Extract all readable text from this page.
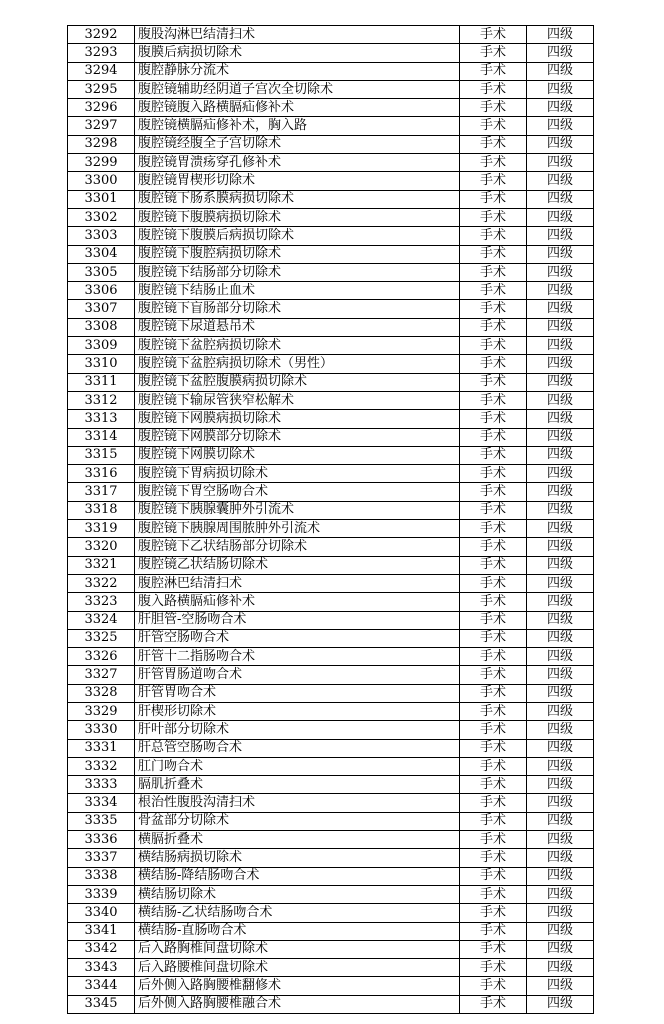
3292	腹股沟淋巴结清扫术	手术	四级
3293	腹膜后病损切除术	手术	四级
3294	腹腔静脉分流术	手术	四级
3295	腹腔镜辅助经阴道子宫次全切除术	手术	四级
3296	腹腔镜腹入路横膈疝修补术	手术	四级
3297	腹腔镜横膈疝修补术，胸入路	手术	四级
3298	腹腔镜经腹全子宫切除术	手术	四级
3299	腹腔镜胃溃疡穿孔修补术	手术	四级
3300	腹腔镜胃楔形切除术	手术	四级
3301	腹腔镜下肠系膜病损切除术	手术	四级
3302	腹腔镜下腹膜病损切除术	手术	四级
3303	腹腔镜下腹膜后病损切除术	手术	四级
3304	腹腔镜下腹腔病损切除术	手术	四级
3305	腹腔镜下结肠部分切除术	手术	四级
3306	腹腔镜下结肠止血术	手术	四级
3307	腹腔镜下盲肠部分切除术	手术	四级
3308	腹腔镜下尿道悬吊术	手术	四级
3309	腹腔镜下盆腔病损切除术	手术	四级
3310	腹腔镜下盆腔病损切除术（男性）	手术	四级
3311	腹腔镜下盆腔腹膜病损切除术	手术	四级
3312	腹腔镜下输尿管狭窄松解术	手术	四级
3313	腹腔镜下网膜病损切除术	手术	四级
3314	腹腔镜下网膜部分切除术	手术	四级
3315	腹腔镜下网膜切除术	手术	四级
3316	腹腔镜下胃病损切除术	手术	四级
3317	腹腔镜下胃空肠吻合术	手术	四级
3318	腹腔镜下胰腺囊肿外引流术	手术	四级
3319	腹腔镜下胰腺周围脓肿外引流术	手术	四级
3320	腹腔镜下乙状结肠部分切除术	手术	四级
3321	腹腔镜乙状结肠切除术	手术	四级
3322	腹腔淋巴结清扫术	手术	四级
3323	腹入路横膈疝修补术	手术	四级
3324	肝胆管-空肠吻合术	手术	四级
3325	肝管空肠吻合术	手术	四级
3326	肝管十二指肠吻合术	手术	四级
3327	肝管胃肠道吻合术	手术	四级
3328	肝管胃吻合术	手术	四级
3329	肝楔形切除术	手术	四级
3330	肝叶部分切除术	手术	四级
3331	肝总管空肠吻合术	手术	四级
3332	肛门吻合术	手术	四级
3333	膈肌折叠术	手术	四级
3334	根治性腹股沟清扫术	手术	四级
3335	骨盆部分切除术	手术	四级
3336	横膈折叠术	手术	四级
3337	横结肠病损切除术	手术	四级
3338	横结肠-降结肠吻合术	手术	四级
3339	横结肠切除术	手术	四级
3340	横结肠-乙状结肠吻合术	手术	四级
3341	横结肠-直肠吻合术	手术	四级
3342	后入路胸椎间盘切除术	手术	四级
3343	后入路腰椎间盘切除术	手术	四级
3344	后外侧入路胸腰椎翻修术	手术	四级
3345	后外侧入路胸腰椎融合术	手术	四级
